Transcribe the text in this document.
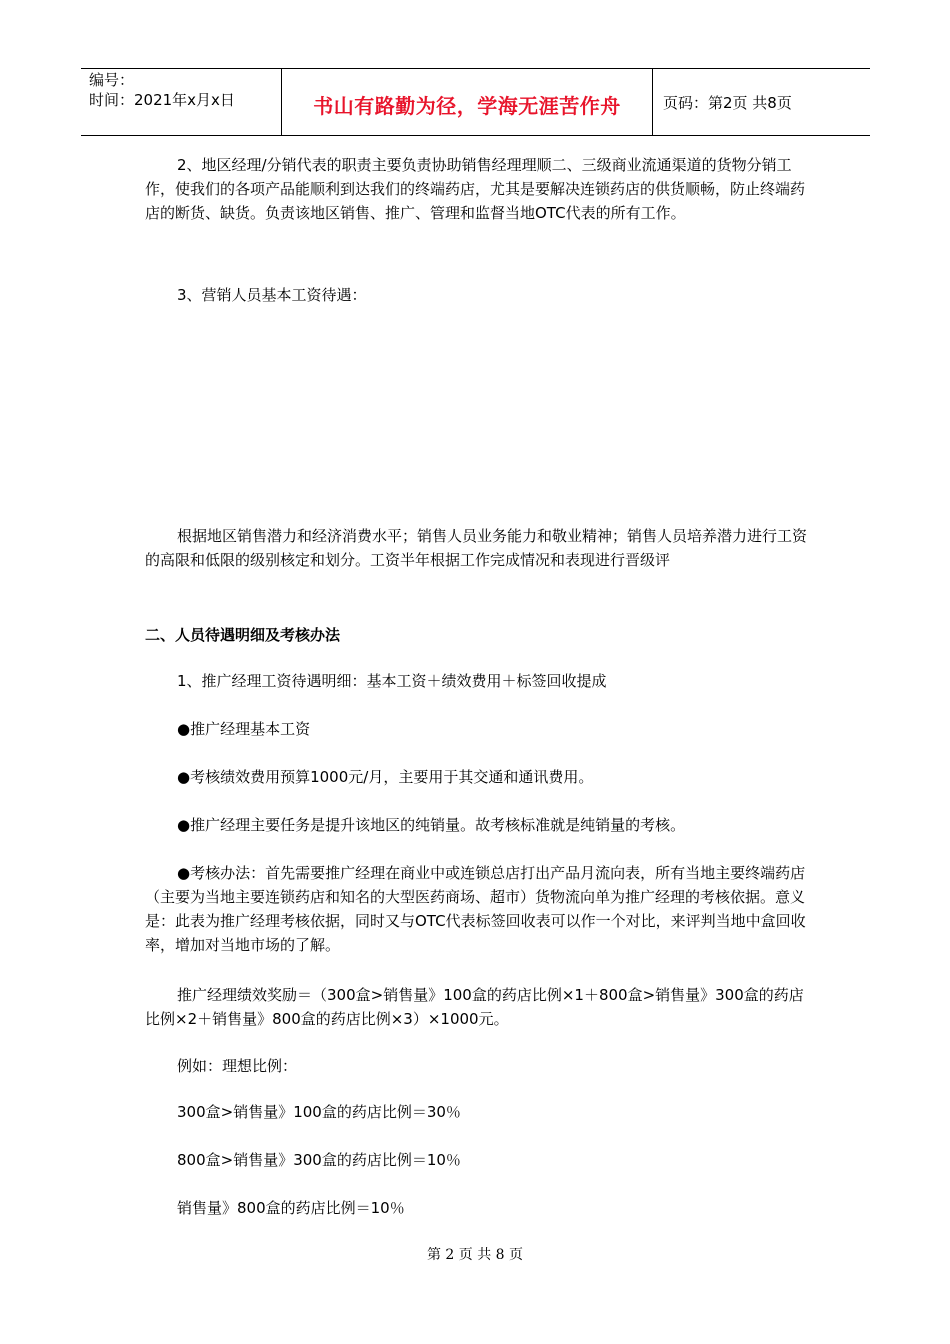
编号：
时间：2021年x月x日	书山有路勤为径，学海无涯苦作舟	页码：第2页 共8页

2、地区经理/分销代表的职责主要负责协助销售经理理顺二、三级商业流通渠道的货物分销工作，使我们的各项产品能顺利到达我们的终端药店，尤其是要解决连锁药店的供货顺畅，防止终端药店的断货、缺货。负责该地区销售、推广、管理和监督当地OTC代表的所有工作。

3、营销人员基本工资待遇：

根据地区销售潜力和经济消费水平；销售人员业务能力和敬业精神；销售人员培养潜力进行工资的高限和低限的级别核定和划分。工资半年根据工作完成情况和表现进行晋级评

二、人员待遇明细及考核办法

1、推广经理工资待遇明细：基本工资＋绩效费用＋标签回收提成

●推广经理基本工资

●考核绩效费用预算1000元/月，主要用于其交通和通讯费用。

●推广经理主要任务是提升该地区的纯销量。故考核标准就是纯销量的考核。

●考核办法：首先需要推广经理在商业中或连锁总店打出产品月流向表，所有当地主要终端药店（主要为当地主要连锁药店和知名的大型医药商场、超市）货物流向单为推广经理的考核依据。意义是：此表为推广经理考核依据，同时又与OTC代表标签回收表可以作一个对比，来评判当地中盒回收率，增加对当地市场的了解。

推广经理绩效奖励＝（300盒>销售量》100盒的药店比例×1＋800盒>销售量》300盒的药店比例×2＋销售量》800盒的药店比例×3）×1000元。

例如：理想比例：

300盒>销售量》100盒的药店比例＝30％

800盒>销售量》300盒的药店比例＝10％

销售量》800盒的药店比例＝10％

第 2 页 共 8 页
